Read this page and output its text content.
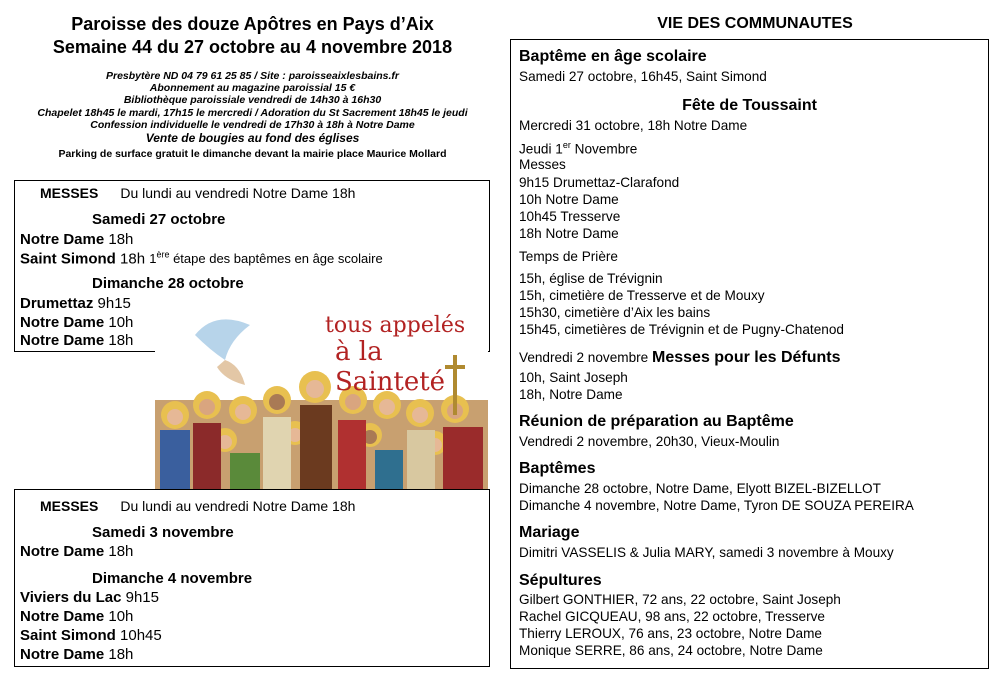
Paroisse des douze Apôtres en Pays d’Aix
Semaine 44 du 27 octobre au 4 novembre 2018
Presbytère ND 04 79 61 25 85 / Site : paroisseaixlesbains.fr
Abonnement au magazine paroissial 15 €
Bibliothèque paroissiale vendredi de 14h30 à 16h30
Chapelet 18h45 le mardi, 17h15 le mercredi / Adoration du St Sacrement 18h45 le jeudi
Confession individuelle le vendredi de 17h30 à 18h à Notre Dame
Vente de bougies au fond des églises
Parking de surface gratuit le dimanche devant la mairie place Maurice Mollard
MESSES Du lundi au vendredi Notre Dame 18h
Samedi 27 octobre
Notre Dame 18h
Saint Simond 18h 1ère étape des baptêmes en âge scolaire
Dimanche 28 octobre
Drumettaz 9h15
Notre Dame 10h
Notre Dame 18h
tous appelés
à la Sainteté
MESSES Du lundi au vendredi Notre Dame 18h
Samedi 3 novembre
Notre Dame 18h
Dimanche 4 novembre
Viviers du Lac 9h15
Notre Dame 10h
Saint Simond 10h45
Notre Dame 18h
VIE DES COMMUNAUTES
Baptême en âge scolaire
Samedi 27 octobre, 16h45, Saint Simond
Fête de Toussaint
Mercredi 31 octobre, 18h Notre Dame
Jeudi 1er Novembre
Messes
9h15 Drumettaz-Clarafond
10h Notre Dame
10h45 Tresserve
18h Notre Dame
Temps de Prière
15h, église de Trévignin
15h, cimetière de Tresserve et de Mouxy
15h30, cimetière d’Aix les bains
15h45, cimetières de Trévignin et de Pugny-Chatenod
Vendredi 2 novembre Messes pour les Défunts
10h, Saint Joseph
18h, Notre Dame
Réunion de préparation au Baptême
Vendredi 2 novembre, 20h30, Vieux-Moulin
Baptêmes
Dimanche 28 octobre, Notre Dame, Elyott BIZEL-BIZELLOT
Dimanche 4 novembre, Notre Dame, Tyron DE SOUZA PEREIRA
Mariage
Dimitri VASSELIS & Julia MARY, samedi 3 novembre à Mouxy
Sépultures
Gilbert GONTHIER, 72 ans, 22 octobre, Saint Joseph
Rachel GICQUEAU, 98 ans, 22 octobre, Tresserve
Thierry LEROUX, 76 ans, 23 octobre, Notre Dame
Monique SERRE, 86 ans, 24 octobre, Notre Dame
